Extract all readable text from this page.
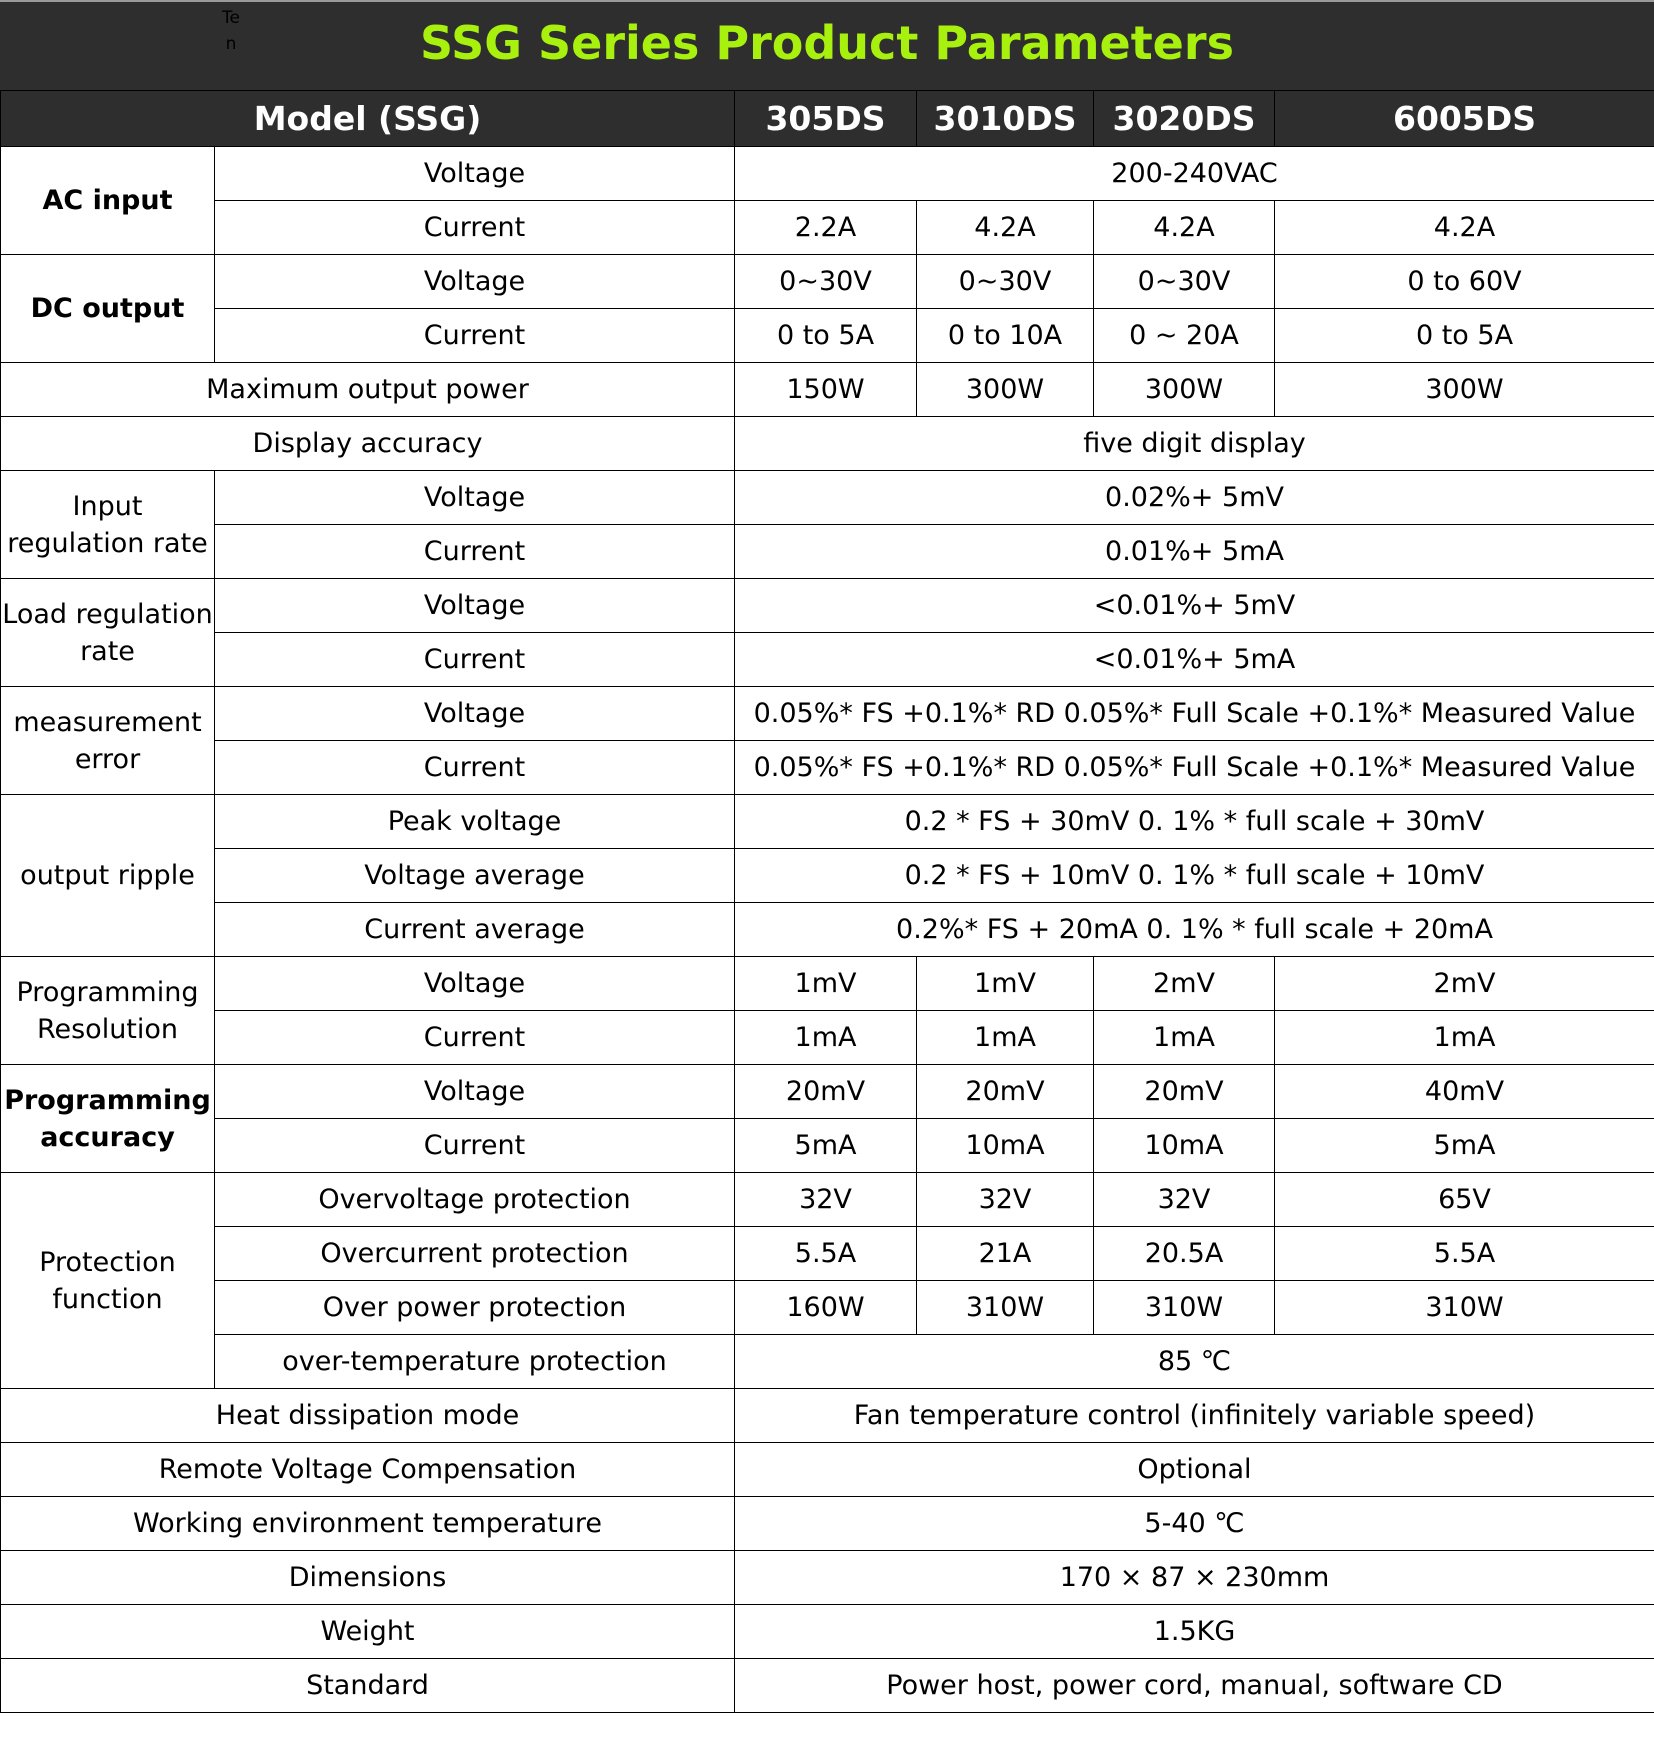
Te
n	SSG Series Product Parameters
Model (SSG)		305DS	3010DS	3020DS	6005DS
AC input	Voltage	200-240VAC			
	Current	2.2A	4.2A	4.2A	4.2A
DC output	Voltage	0~30V	0~30V	0~30V	0 to 60V
	Current	0 to 5A	0 to 10A	0 ~ 20A	0 to 5A
Maximum output power		150W	300W	300W	300W
Display accuracy		five digit display			

Input
regulation rate	Voltage	0.02%+ 5mV			
	Current	0.01%+ 5mA			

Load regulation
rate	Voltage	<0.01%+ 5mV			
	Current	<0.01%+ 5mA			

measurement
error	Voltage	0.05%* FS +0.1%* RD 0.05%* Full Scale +0.1%* Measured Value			
	Current	0.05%* FS +0.1%* RD 0.05%* Full Scale +0.1%* Measured Value			
output ripple	Peak voltage	0.2 * FS + 30mV 0. 1% * full scale + 30mV			
	Voltage average	0.2 * FS + 10mV 0. 1% * full scale + 10mV			
	Current average	0.2%* FS + 20mA 0. 1% * full scale + 20mA			

Programming
Resolution	Voltage	1mV	1mV	2mV	2mV
	Current	1mA	1mA	1mA	1mA

Programming
accuracy	Voltage	20mV	20mV	20mV	40mV
	Current	5mA	10mA	10mA	5mA

Protection
function	Overvoltage protection	32V	32V	32V	65V
	Overcurrent protection	5.5A	21A	20.5A	5.5A
	Over power protection	160W	310W	310W	310W
	over-temperature protection	85 ℃			
Heat dissipation mode		Fan temperature control (infinitely variable speed)			
Remote Voltage Compensation		Optional			
Working environment temperature		5-40 ℃			
Dimensions		170 × 87 × 230mm			
Weight		1.5KG			
Standard		Power host, power cord, manual, software CD			
